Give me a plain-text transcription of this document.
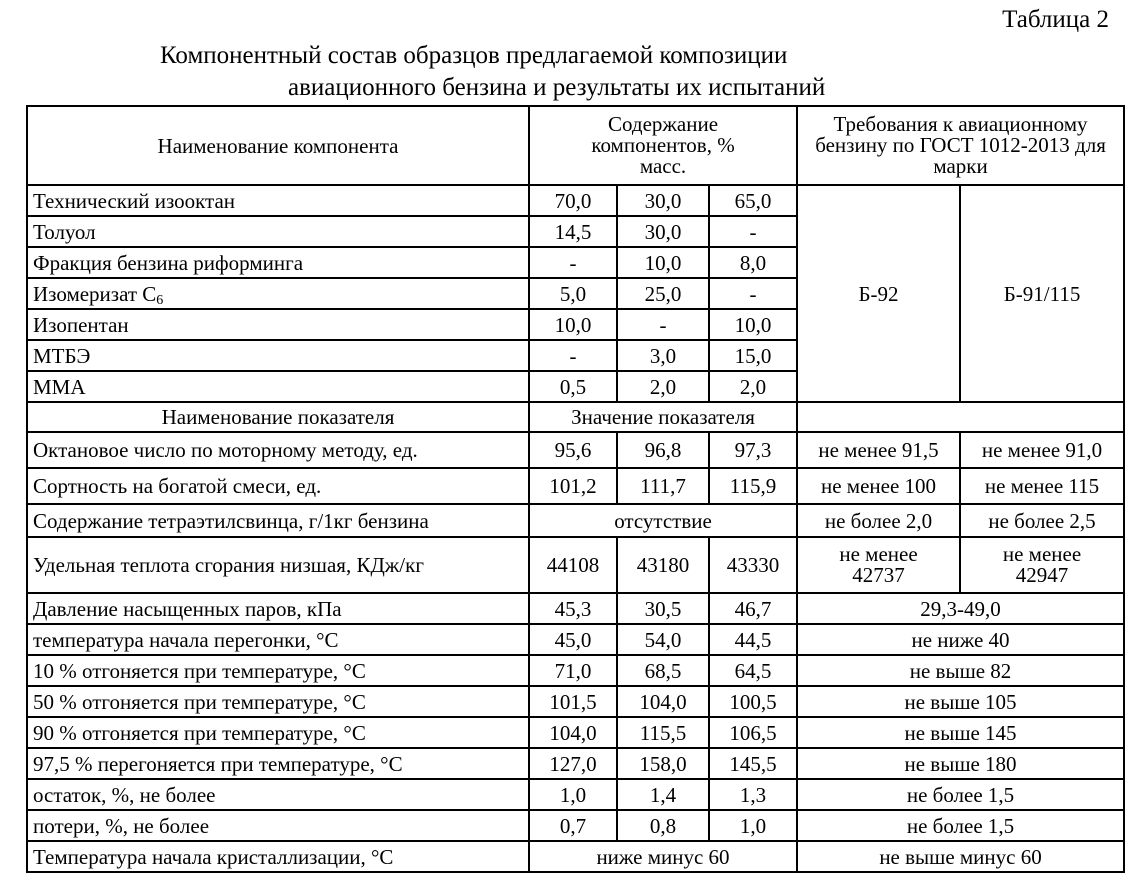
Таблица 2
Компонентный состав образцов предлагаемой композиции
авиационного бензина и результаты их испытаний
Наименование компонента	Содержание компонентов, % масс.			Требования к авиационному бензину по ГОСТ 1012-2013 для марки	
Технический изооктан	70,0	30,0	65,0	Б-92	Б-91/115
Толуол	14,5	30,0	-		
Фракция бензина риформинга	-	10,0	8,0		
Изомеризат $C_6$	5,0	25,0	-		
Изопентан	10,0	-	10,0		
МТБЭ	-	3,0	15,0		
ММА	0,5	2,0	2,0		
Наименование показателя	Значение показателя				
Октановое число по моторному методу, ед.	95,6	96,8	97,3	не менее 91,5	не менее 91,0
Сортность на богатой смеси, ед.	101,2	111,7	115,9	не менее 100	не менее 115
Содержание тетраэтилсвинца, г/1кг бензина	отсутствие			не более 2,0	не более 2,5
Удельная теплота сгорания низшая, КДж/кг	44108	43180	43330	не менее 42737	не менее 42947
Давление насыщенных паров, кПа	45,3	30,5	46,7	29,3-49,0	
температура начала перегонки, °С	45,0	54,0	44,5	не ниже 40	
10 % отгоняется при температуре, °С	71,0	68,5	64,5	не выше 82	
50 % отгоняется при температуре, °С	101,5	104,0	100,5	не выше 105	
90 % отгоняется при температуре, °С	104,0	115,5	106,5	не выше 145	
97,5 % перегоняется при температуре, °С	127,0	158,0	145,5	не выше 180	
остаток, %, не более	1,0	1,4	1,3	не более 1,5	
потери, %, не более	0,7	0,8	1,0	не более 1,5	
Температура начала кристаллизации, °С	ниже минус 60			не выше минус 60	
